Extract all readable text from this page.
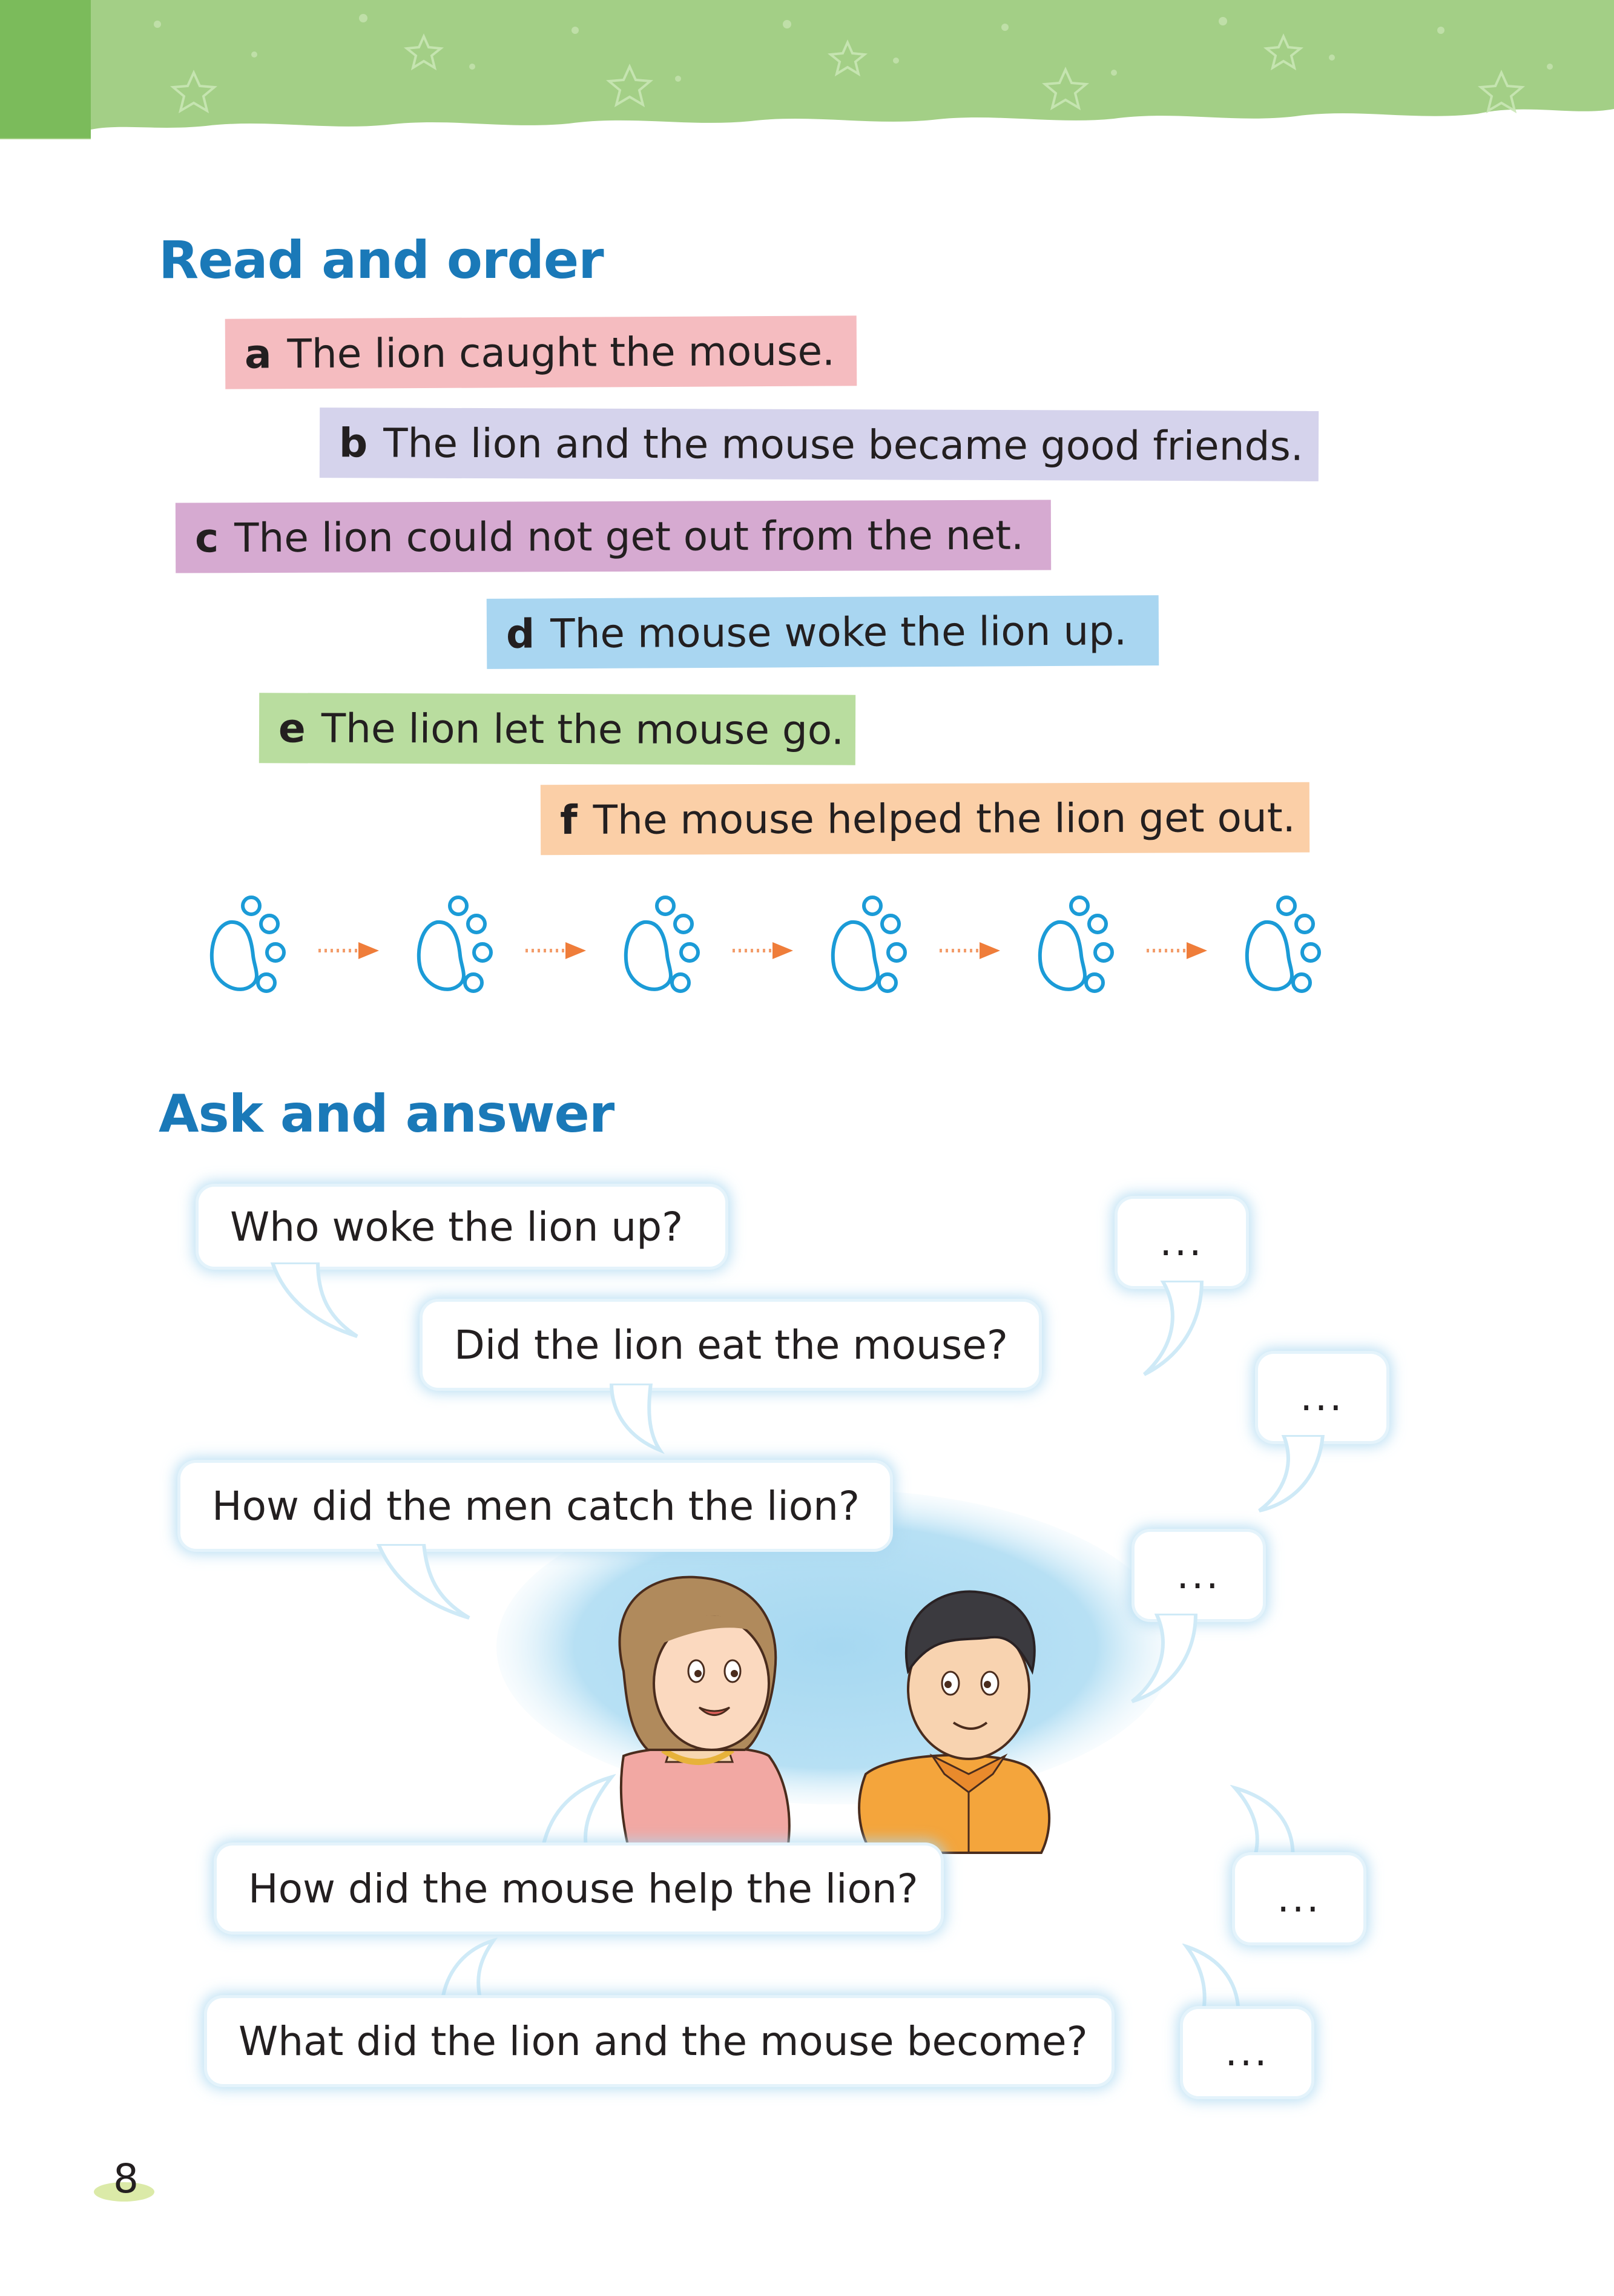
Read and order
a The lion caught the mouse.
b The lion and the mouse became good friends.
c The lion could not get out from the net.
d The mouse woke the lion up.
e The lion let the mouse go.
f The mouse helped the lion get out.
Ask and answer
Who woke the lion up?
Did the lion eat the mouse?
How did the men catch the lion?
How did the mouse help the lion?
What did the lion and the mouse become?
...
...
...
...
...
8
